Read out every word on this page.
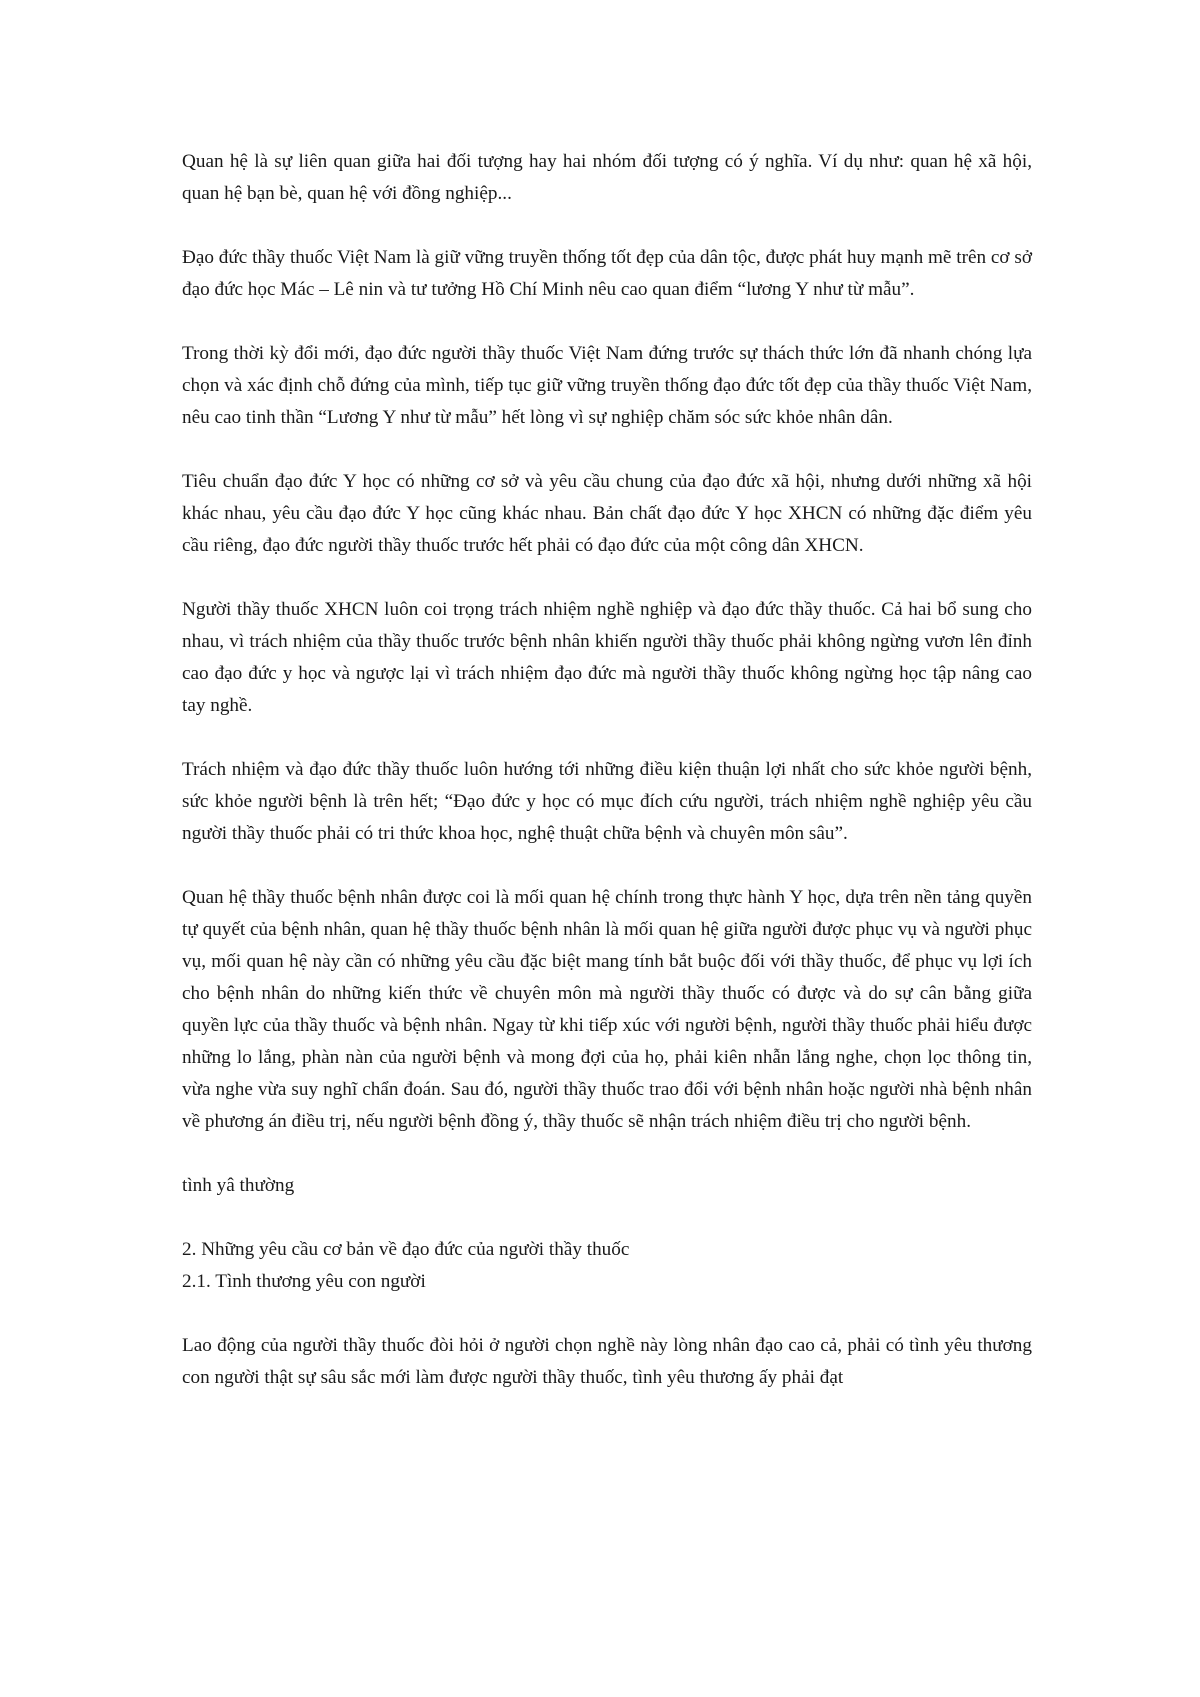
Quan hệ là sự liên quan giữa hai đối tượng hay hai nhóm đối tượng có ý nghĩa. Ví dụ như: quan hệ xã hội, quan hệ bạn bè, quan hệ với đồng nghiệp...

Đạo đức thầy thuốc Việt Nam là giữ vững truyền thống tốt đẹp của dân tộc, được phát huy mạnh mẽ trên cơ sở đạo đức học Mác – Lê nin và tư tưởng Hồ Chí Minh nêu cao quan điểm “lương Y như từ mẫu”.

Trong thời kỳ đổi mới, đạo đức người thầy thuốc Việt Nam đứng trước sự thách thức lớn đã nhanh chóng lựa chọn và xác định chỗ đứng của mình, tiếp tục giữ vững truyền thống đạo đức tốt đẹp của thầy thuốc Việt Nam, nêu cao tinh thần “Lương Y như từ mẫu” hết lòng vì sự nghiệp chăm sóc sức khỏe nhân dân.

Tiêu chuẩn đạo đức Y học có những cơ sở và yêu cầu chung của đạo đức xã hội, nhưng dưới những xã hội khác nhau, yêu cầu đạo đức Y học cũng khác nhau. Bản chất đạo đức Y học XHCN có những đặc điểm yêu cầu riêng, đạo đức người thầy thuốc trước hết phải có đạo đức của một công dân XHCN.

Người thầy thuốc XHCN luôn coi trọng trách nhiệm nghề nghiệp và đạo đức thầy thuốc. Cả hai bổ sung cho nhau, vì trách nhiệm của thầy thuốc trước bệnh nhân khiến người thầy thuốc phải không ngừng vươn lên đỉnh cao đạo đức y học và ngược lại vì trách nhiệm đạo đức mà người thầy thuốc không ngừng học tập nâng cao tay nghề.

Trách nhiệm và đạo đức thầy thuốc luôn hướng tới những điều kiện thuận lợi nhất cho sức khỏe người bệnh, sức khỏe người bệnh là trên hết; “Đạo đức y học có mục đích cứu người, trách nhiệm nghề nghiệp yêu cầu người thầy thuốc phải có tri thức khoa học, nghệ thuật chữa bệnh và chuyên môn sâu”.

Quan hệ thầy thuốc bệnh nhân được coi là mối quan hệ chính trong thực hành Y học, dựa trên nền tảng quyền tự quyết của bệnh nhân, quan hệ thầy thuốc bệnh nhân là mối quan hệ giữa người được phục vụ và người phục vụ, mối quan hệ này cần có những yêu cầu đặc biệt mang tính bắt buộc đối với thầy thuốc, để phục vụ lợi ích cho bệnh nhân do những kiến thức về chuyên môn mà người thầy thuốc có được và do sự cân bằng giữa quyền lực của thầy thuốc và bệnh nhân. Ngay từ khi tiếp xúc với người bệnh, người thầy thuốc phải hiểu được những lo lắng, phàn nàn của người bệnh và mong đợi của họ, phải kiên nhẫn lắng nghe, chọn lọc thông tin, vừa nghe vừa suy nghĩ chẩn đoán. Sau đó, người thầy thuốc trao đổi với bệnh nhân hoặc người nhà bệnh nhân về phương án điều trị, nếu người bệnh đồng ý, thầy thuốc sẽ nhận trách nhiệm điều trị cho người bệnh.

tình yâ thường

2. Những yêu cầu cơ bản về đạo đức của người thầy thuốc

2.1. Tình thương yêu con người

Lao động của người thầy thuốc đòi hỏi ở người chọn nghề này lòng nhân đạo cao cả, phải có tình yêu thương con người thật sự sâu sắc mới làm được người thầy thuốc, tình yêu thương ấy phải đạt
